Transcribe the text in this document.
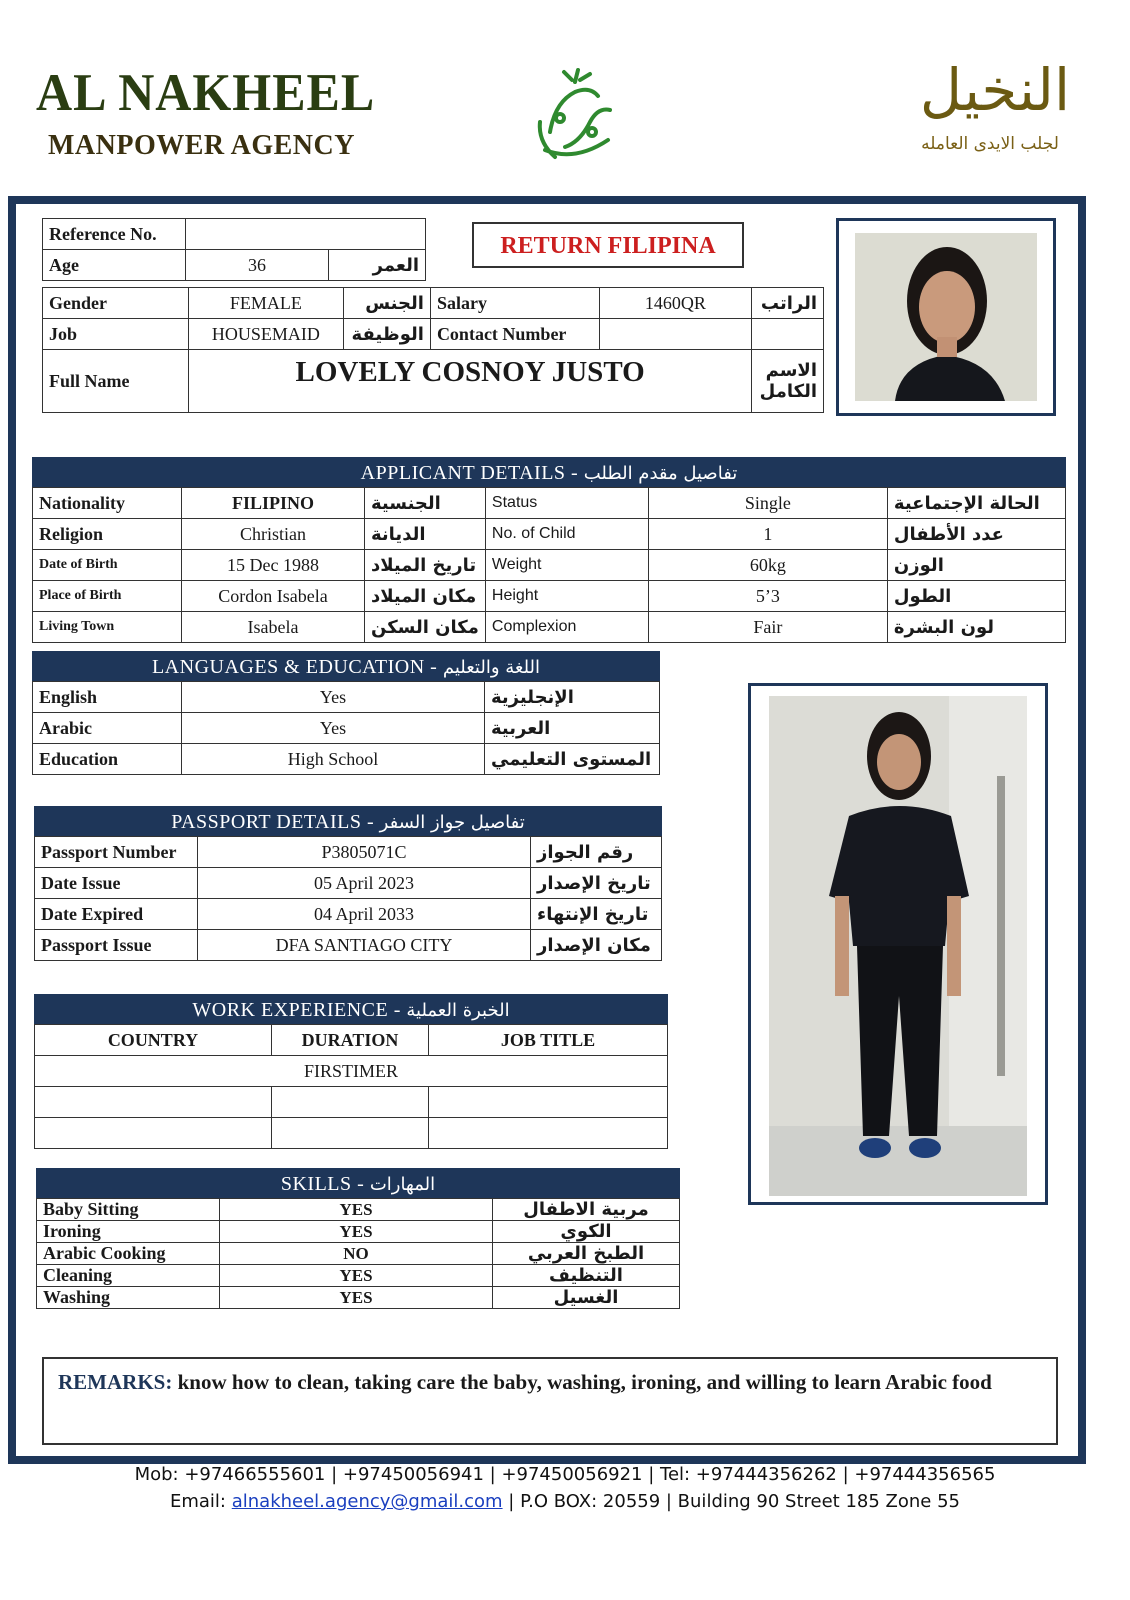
AL NAKHEEL
MANPOWER AGENCY
النخيل
لجلب الايدى العامله
Reference No.		
Age	36	العمر
RETURN FILIPINA
Gender	FEMALE	الجنس	Salary	1460QR	الراتب
Job	HOUSEMAID	الوظيفة	Contact Number		
Full Name	LOVELY COSNOY JUSTO				الاسم الكامل
APPLICANT DETAILS - تفاصيل مقدم الطلب
Nationality	FILIPINO	الجنسية	Status	Single	الحالة الإجتماعية
Religion	Christian	الديانة	No. of Child	1	عدد الأطفال
Date of Birth	15 Dec 1988	تاريخ الميلاد	Weight	60kg	الوزن
Place of Birth	Cordon Isabela	مكان الميلاد	Height	5’3	الطول
Living Town	Isabela	مكان السكن	Complexion	Fair	لون البشرة
LANGUAGES & EDUCATION - اللغة والتعليم
English	Yes	الإنجليزية
Arabic	Yes	العربية
Education	High School	المستوى التعليمي
PASSPORT DETAILS - تفاصيل جواز السفر
Passport Number	P3805071C	رقم الجواز
Date Issue	05 April 2023	تاريخ الإصدار
Date Expired	04 April 2033	تاريخ الإنتهاء
Passport Issue	DFA SANTIAGO CITY	مكان الإصدار
WORK EXPERIENCE - الخبرة العملية
COUNTRY	DURATION	JOB TITLE
FIRSTIMER		

SKILLS - المهارات
Baby Sitting	YES	مربية الاطفال
Ironing	YES	الكوي
Arabic Cooking	NO	الطبخ العربي
Cleaning	YES	التنظيف
Washing	YES	الغسيل
REMARKS: know how to clean, taking care the baby, washing, ironing, and willing to learn Arabic food
Mob: +97466555601 | +97450056941 | +97450056921 | Tel: +97444356262 | +97444356565
Email: alnakheel.agency@gmail.com | P.O BOX: 20559 | Building 90 Street 185 Zone 55
